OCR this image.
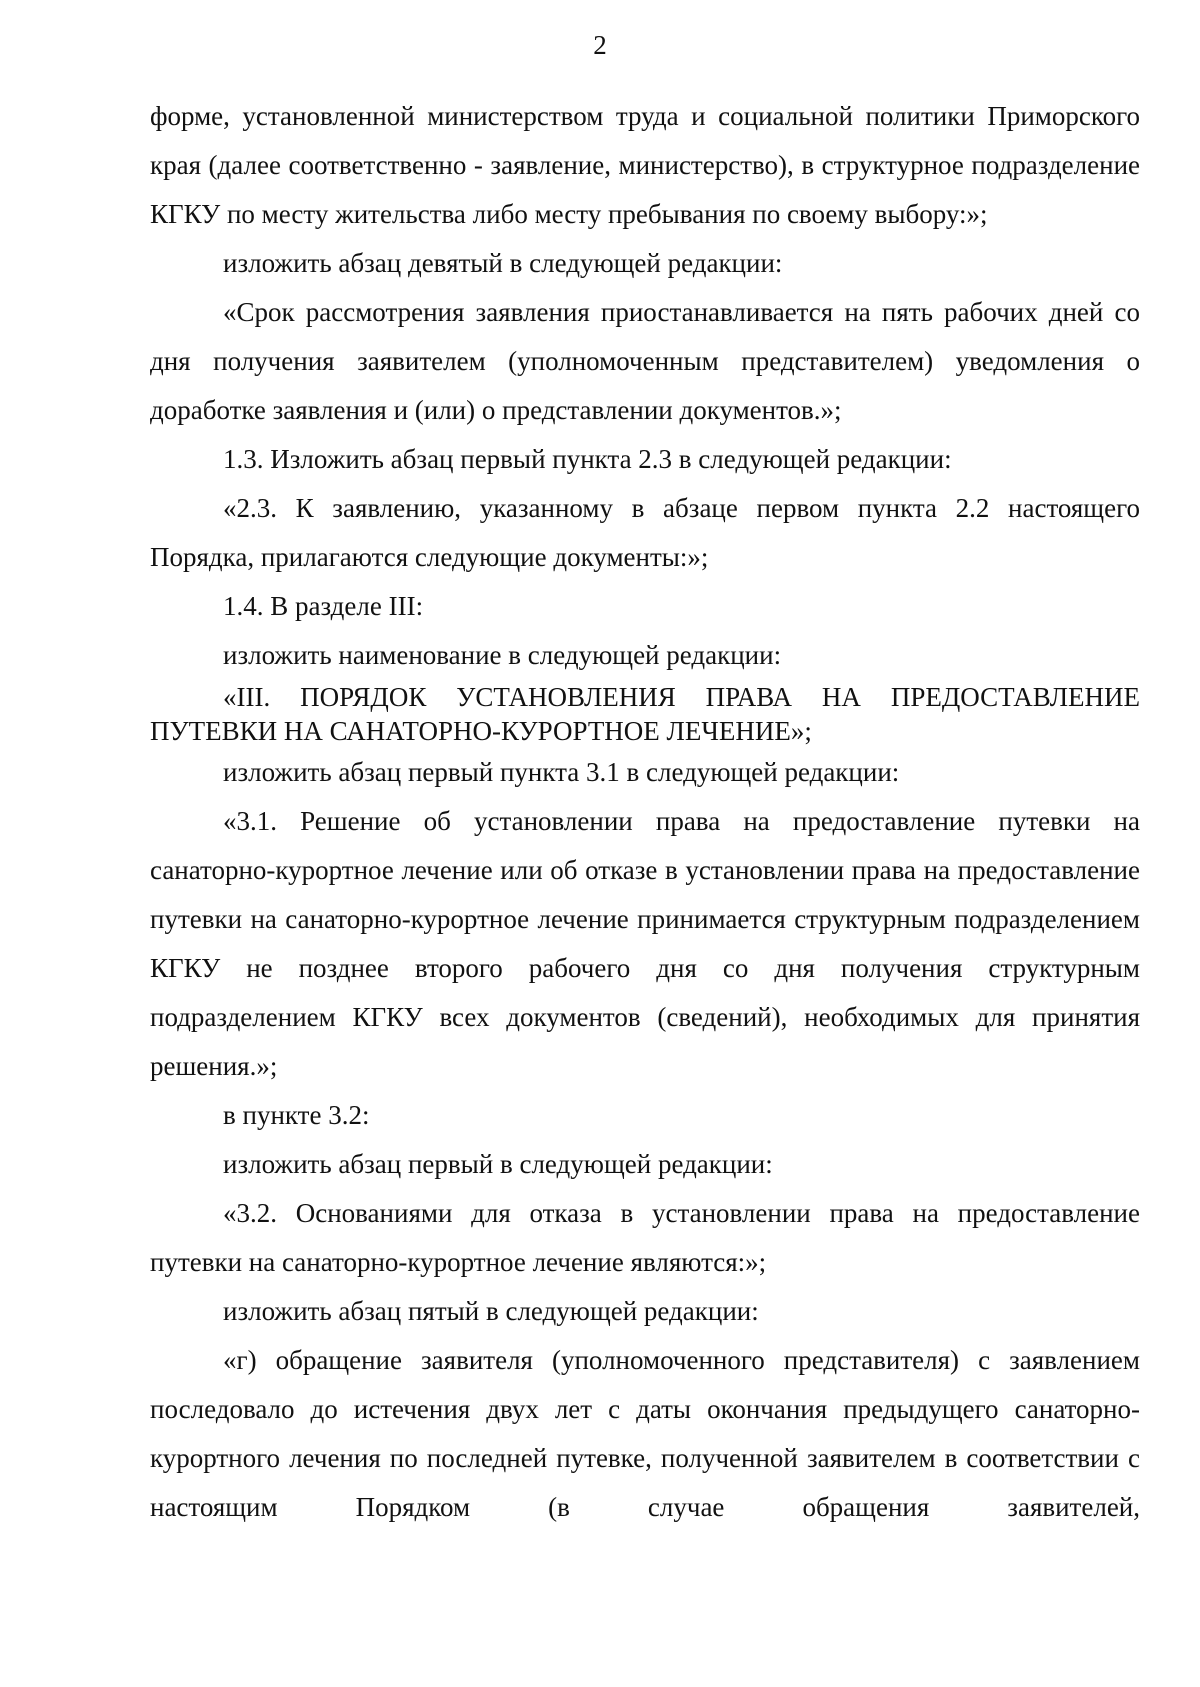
2

форме, установленной министерством труда и социальной политики Приморского края (далее соответственно - заявление, министерство), в структурное подразделение КГКУ по месту жительства либо месту пребывания по своему выбору:»;

изложить абзац девятый в следующей редакции:

«Срок рассмотрения заявления приостанавливается на пять рабочих дней со дня получения заявителем (уполномоченным представителем) уведомления о доработке заявления и (или) о представлении документов.»;

1.3. Изложить абзац первый пункта 2.3 в следующей редакции:

«2.3. К заявлению, указанному в абзаце первом пункта 2.2 настоящего Порядка, прилагаются следующие документы:»;

1.4. В разделе III:

изложить наименование в следующей редакции:

«III. ПОРЯДОК УСТАНОВЛЕНИЯ ПРАВА НА ПРЕДОСТАВЛЕНИЕ
ПУТЕВКИ НА САНАТОРНО-КУРОРТНОЕ ЛЕЧЕНИЕ»;

изложить абзац первый пункта 3.1 в следующей редакции:

«3.1. Решение об установлении права на предоставление путевки на санаторно-курортное лечение или об отказе в установлении права на предоставление путевки на санаторно-курортное лечение принимается структурным подразделением КГКУ не позднее второго рабочего дня со дня получения структурным подразделением КГКУ всех документов (сведений), необходимых для принятия решения.»;

в пункте 3.2:

изложить абзац первый в следующей редакции:

«3.2. Основаниями для отказа в установлении права на предоставление путевки на санаторно-курортное лечение являются:»;

изложить абзац пятый в следующей редакции:

«г) обращение заявителя (уполномоченного представителя) с заявлением последовало до истечения двух лет с даты окончания предыдущего санаторно-курортного лечения по последней путевке, полученной заявителем в соответствии с настоящим Порядком (в случае обращения заявителей,
